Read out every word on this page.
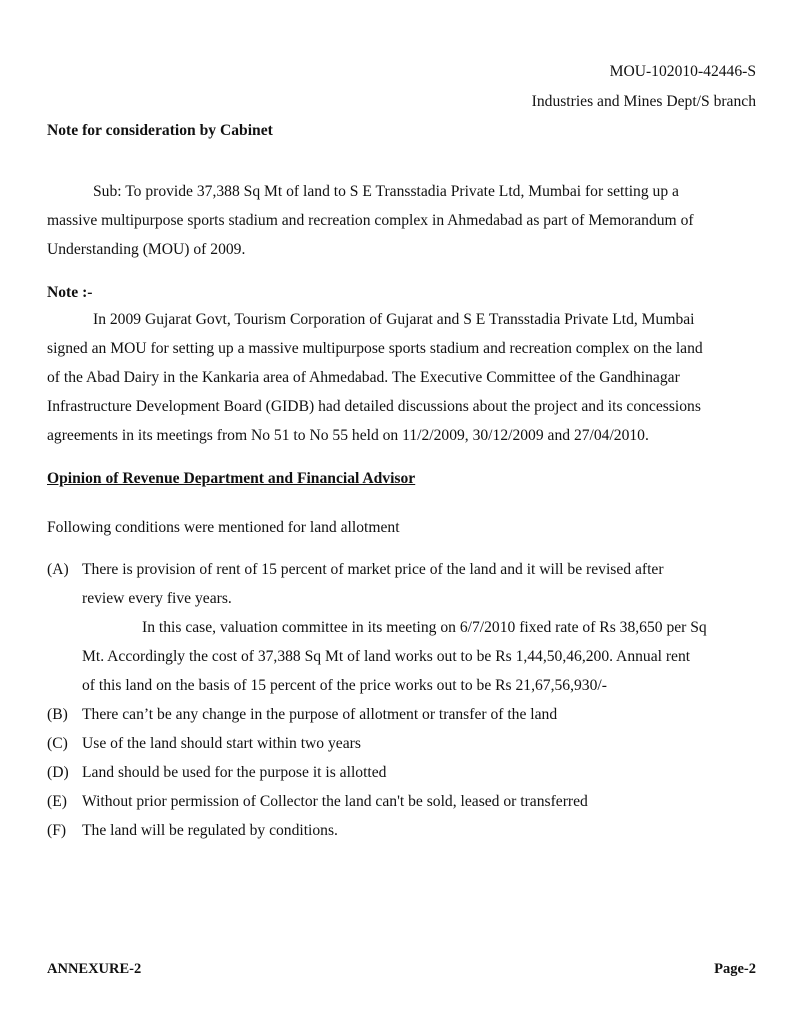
MOU-102010-42446-S
Industries and Mines Dept/S branch
Note for consideration by Cabinet
Sub: To provide 37,388 Sq Mt of land to S E Transstadia Private Ltd, Mumbai for setting up a
massive multipurpose sports stadium and recreation complex in Ahmedabad as part of Memorandum of
Understanding (MOU) of 2009.
Note :-
In 2009 Gujarat Govt, Tourism Corporation of Gujarat and S E Transstadia Private Ltd, Mumbai
signed an MOU for setting up a massive multipurpose sports stadium and recreation complex on the land
of the Abad Dairy in the Kankaria area of Ahmedabad. The Executive Committee of the Gandhinagar
Infrastructure Development Board (GIDB) had detailed discussions about the project and its concessions
agreements in its meetings from No 51 to No 55 held on 11/2/2009, 30/12/2009 and 27/04/2010.
Opinion of Revenue Department and Financial Advisor
Following conditions were mentioned for land allotment
(A) There is provision of rent of 15 percent of market price of the land and it will be revised after
review every five years.
In this case, valuation committee in its meeting on 6/7/2010 fixed rate of Rs 38,650 per Sq
Mt. Accordingly the cost of 37,388 Sq Mt of land works out to be Rs 1,44,50,46,200. Annual rent
of this land on the basis of 15 percent of the price works out to be Rs 21,67,56,930/-
(B) There can’t be any change in the purpose of allotment or transfer of the land
(C) Use of the land should start within two years
(D) Land should be used for the purpose it is allotted
(E) Without prior permission of Collector the land can't be sold, leased or transferred
(F) The land will be regulated by conditions.
ANNEXURE-2	Page-2
